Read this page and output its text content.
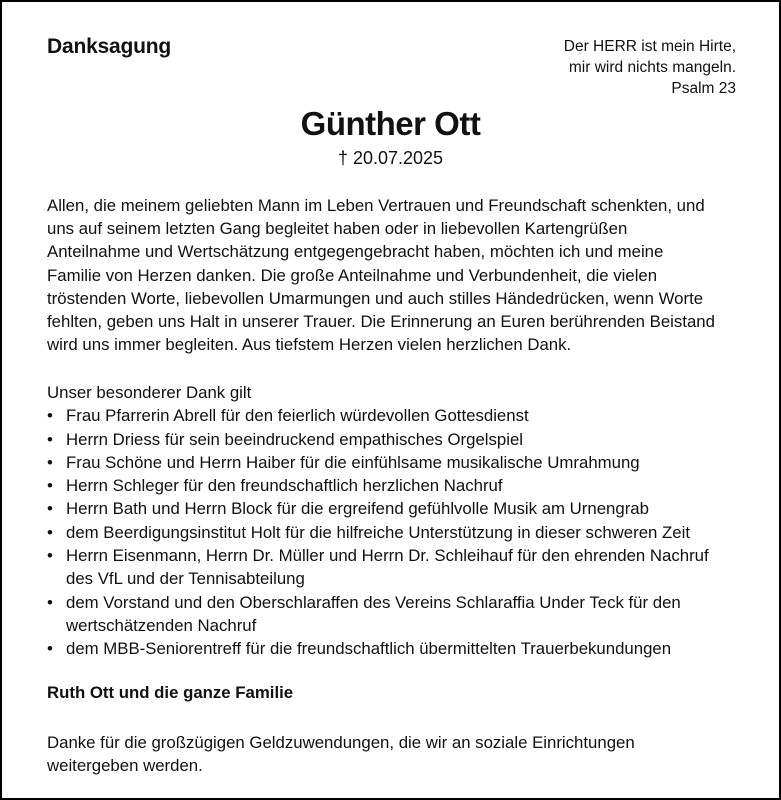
Danksagung	Der HERR ist mein Hirte,
mir wird nichts mangeln.
Psalm 23
Günther Ott
† 20.07.2025
Allen, die meinem geliebten Mann im Leben Vertrauen und Freundschaft schenkten, und
uns auf seinem letzten Gang begleitet haben oder in liebevollen Kartengrüßen
Anteilnahme und Wertschätzung entgegengebracht haben, möchten ich und meine
Familie von Herzen danken. Die große Anteilnahme und Verbundenheit, die vielen
tröstenden Worte, liebevollen Umarmungen und auch stilles Händedrücken, wenn Worte
fehlten, geben uns Halt in unserer Trauer. Die Erinnerung an Euren berührenden Beistand
wird uns immer begleiten. Aus tiefstem Herzen vielen herzlichen Dank.
Unser besonderer Dank gilt
• Frau Pfarrerin Abrell für den feierlich würdevollen Gottesdienst
• Herrn Driess für sein beeindruckend empathisches Orgelspiel
• Frau Schöne und Herrn Haiber für die einfühlsame musikalische Umrahmung
• Herrn Schleger für den freundschaftlich herzlichen Nachruf
• Herrn Bath und Herrn Block für die ergreifend gefühlvolle Musik am Urnengrab
• dem Beerdigungsinstitut Holt für die hilfreiche Unterstützung in dieser schweren Zeit
• Herrn Eisenmann, Herrn Dr. Müller und Herrn Dr. Schleihauf für den ehrenden Nachruf
des VfL und der Tennisabteilung
• dem Vorstand und den Oberschlaraffen des Vereins Schlaraffia Under Teck für den
wertschätzenden Nachruf
• dem MBB-Seniorentreff für die freundschaftlich übermittelten Trauerbekundungen
Ruth Ott und die ganze Familie
Danke für die großzügigen Geldzuwendungen, die wir an soziale Einrichtungen
weitergeben werden.
